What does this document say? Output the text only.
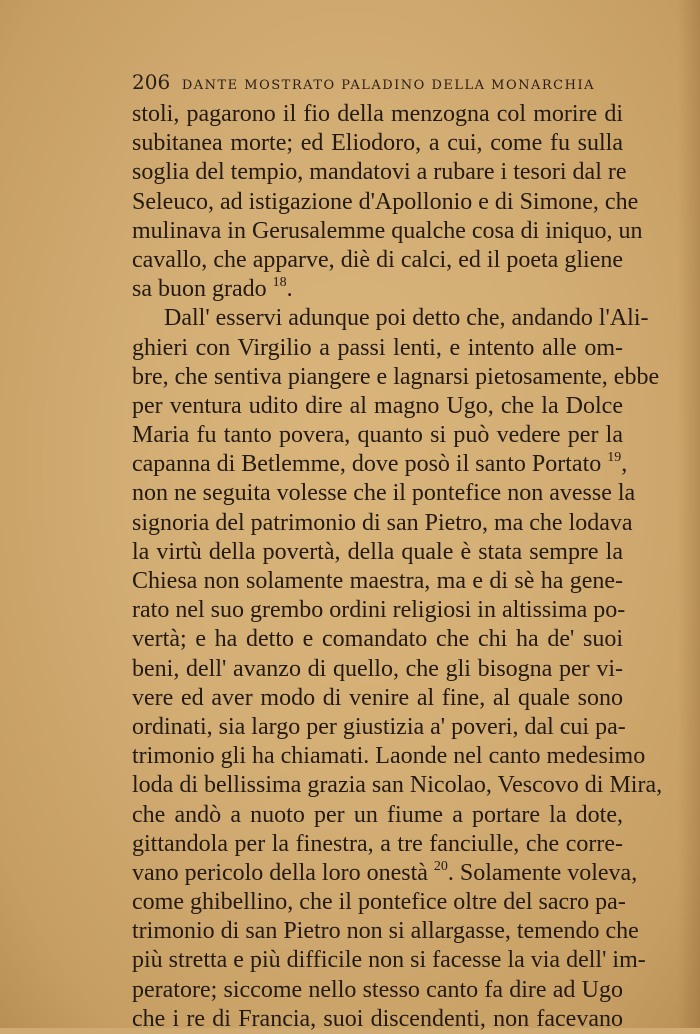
206 DANTE MOSTRATO PALADINO DELLA MONARCHIA
stoli, pagarono il fio della menzogna col morire di
subitanea morte; ed Eliodoro, a cui, come fu sulla
soglia del tempio, mandatovi a rubare i tesori dal re
Seleuco, ad istigazione d'Apollonio e di Simone, che
mulinava in Gerusalemme qualche cosa di iniquo, un
cavallo, che apparve, diè di calci, ed il poeta gliene
sa buon grado $^{18}$.
Dall' esservi adunque poi detto che, andando l'Ali-
ghieri con Virgilio a passi lenti, e intento alle om-
bre, che sentiva piangere e lagnarsi pietosamente, ebbe
per ventura udito dire al magno Ugo, che la Dolce
Maria fu tanto povera, quanto si può vedere per la
capanna di Betlemme, dove posò il santo Portato $^{19}$,
non ne seguita volesse che il pontefice non avesse la
signoria del patrimonio di san Pietro, ma che lodava
la virtù della povertà, della quale è stata sempre la
Chiesa non solamente maestra, ma e di sè ha gene-
rato nel suo grembo ordini religiosi in altissima po-
vertà; e ha detto e comandato che chi ha de' suoi
beni, dell' avanzo di quello, che gli bisogna per vi-
vere ed aver modo di venire al fine, al quale sono
ordinati, sia largo per giustizia a' poveri, dal cui pa-
trimonio gli ha chiamati. Laonde nel canto medesimo
loda di bellissima grazia san Nicolao, Vescovo di Mira,
che andò a nuoto per un fiume a portare la dote,
gittandola per la finestra, a tre fanciulle, che corre-
vano pericolo della loro onestà $^{20}$. Solamente voleva,
come ghibellino, che il pontefice oltre del sacro pa-
trimonio di san Pietro non si allargasse, temendo che
più stretta e più difficile non si facesse la via dell' im-
peratore; siccome nello stesso canto fa dire ad Ugo
che i re di Francia, suoi discendenti, non facevano
